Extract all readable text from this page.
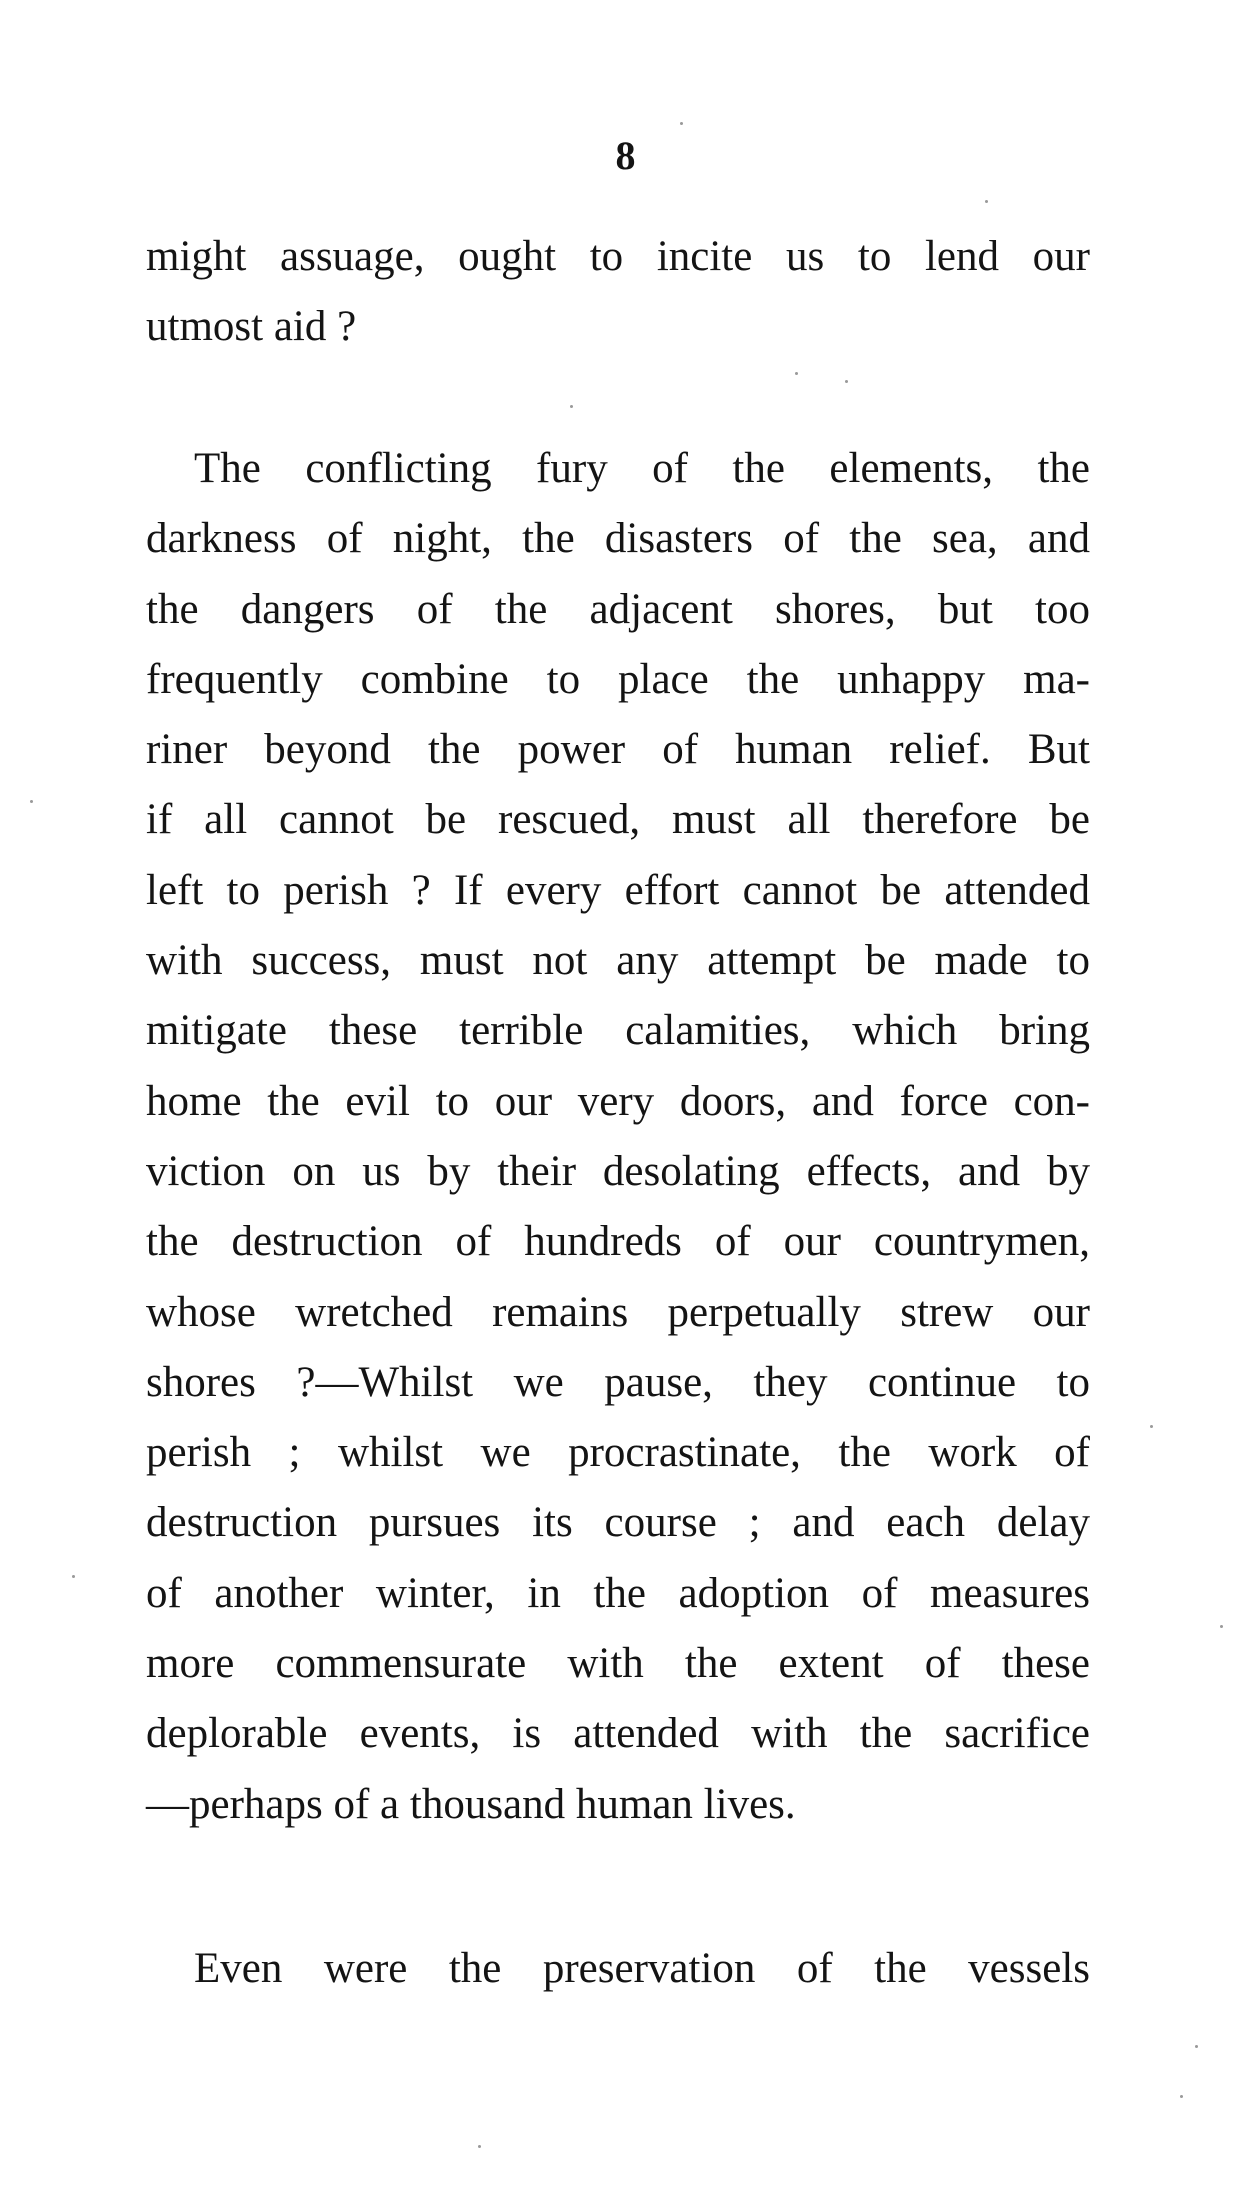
8
might assuage, ought to incite us to lend our
utmost aid ?
The conflicting fury of the elements, the
darkness of night, the disasters of the sea, and
the dangers of the adjacent shores, but too
frequently combine to place the unhappy ma-
riner beyond the power of human relief. But
if all cannot be rescued, must all therefore be
left to perish ? If every effort cannot be attended
with success, must not any attempt be made to
mitigate these terrible calamities, which bring
home the evil to our very doors, and force con-
viction on us by their desolating effects, and by
the destruction of hundreds of our countrymen,
whose wretched remains perpetually strew our
shores ?—Whilst we pause, they continue to
perish ; whilst we procrastinate, the work of
destruction pursues its course ; and each delay
of another winter, in the adoption of measures
more commensurate with the extent of these
deplorable events, is attended with the sacrifice
—perhaps of a thousand human lives.
Even were the preservation of the vessels
